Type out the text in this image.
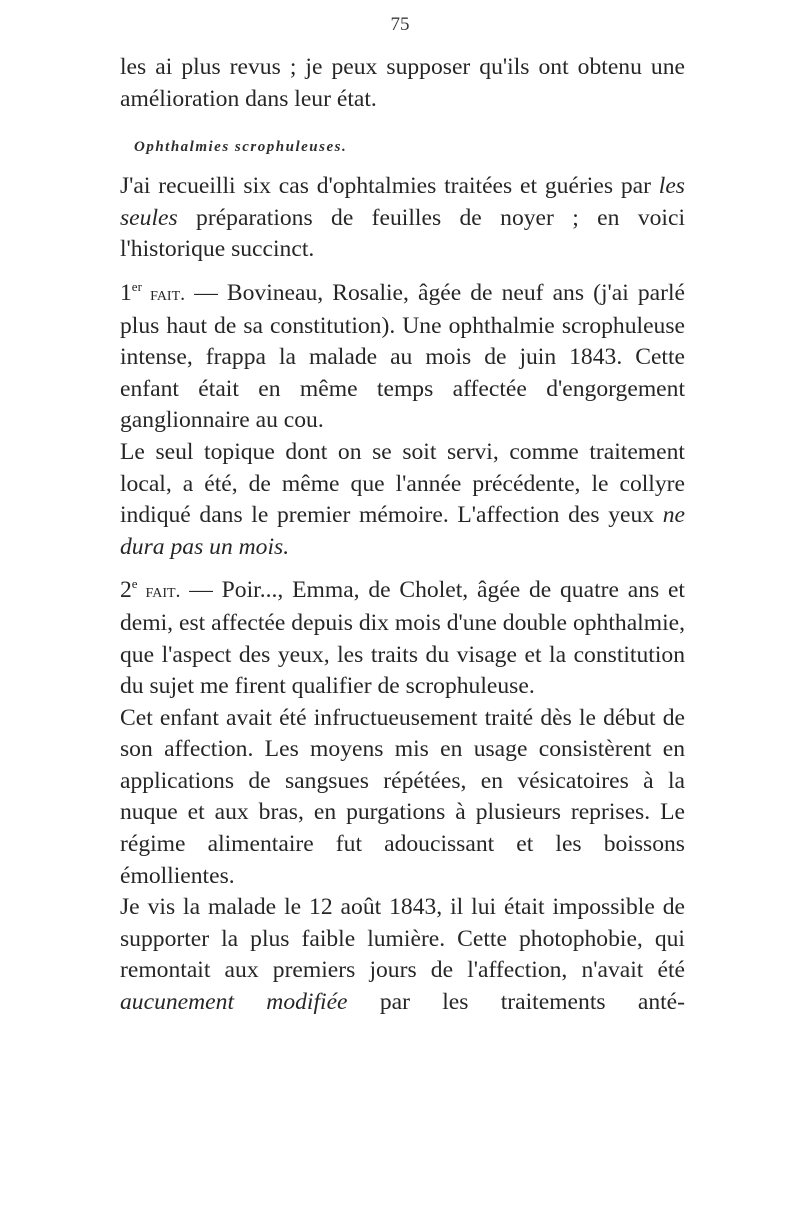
75

les ai plus revus ; je peux supposer qu'ils ont obtenu une amélioration dans leur état.

Ophthalmies scrophuleuses.

J'ai recueilli six cas d'ophtalmies traitées et guéries par les seules préparations de feuilles de noyer ; en voici l'historique succinct.

1er fait. — Bovineau, Rosalie, âgée de neuf ans (j'ai parlé plus haut de sa constitution). Une ophthalmie scrophuleuse intense, frappa la malade au mois de juin 1843. Cette enfant était en même temps affectée d'engorgement ganglionnaire au cou.

Le seul topique dont on se soit servi, comme traitement local, a été, de même que l'année précédente, le collyre indiqué dans le premier mémoire. L'affection des yeux ne dura pas un mois.

2e fait. — Poir..., Emma, de Cholet, âgée de quatre ans et demi, est affectée depuis dix mois d'une double ophthalmie, que l'aspect des yeux, les traits du visage et la constitution du sujet me firent qualifier de scrophuleuse.

Cet enfant avait été infructueusement traité dès le début de son affection. Les moyens mis en usage consistèrent en applications de sangsues répétées, en vésicatoires à la nuque et aux bras, en purgations à plusieurs reprises. Le régime alimentaire fut adoucissant et les boissons émollientes.

Je vis la malade le 12 août 1843, il lui était impossible de supporter la plus faible lumière. Cette photophobie, qui remontait aux premiers jours de l'affection, n'avait été aucunement modifiée par les traitements anté-
